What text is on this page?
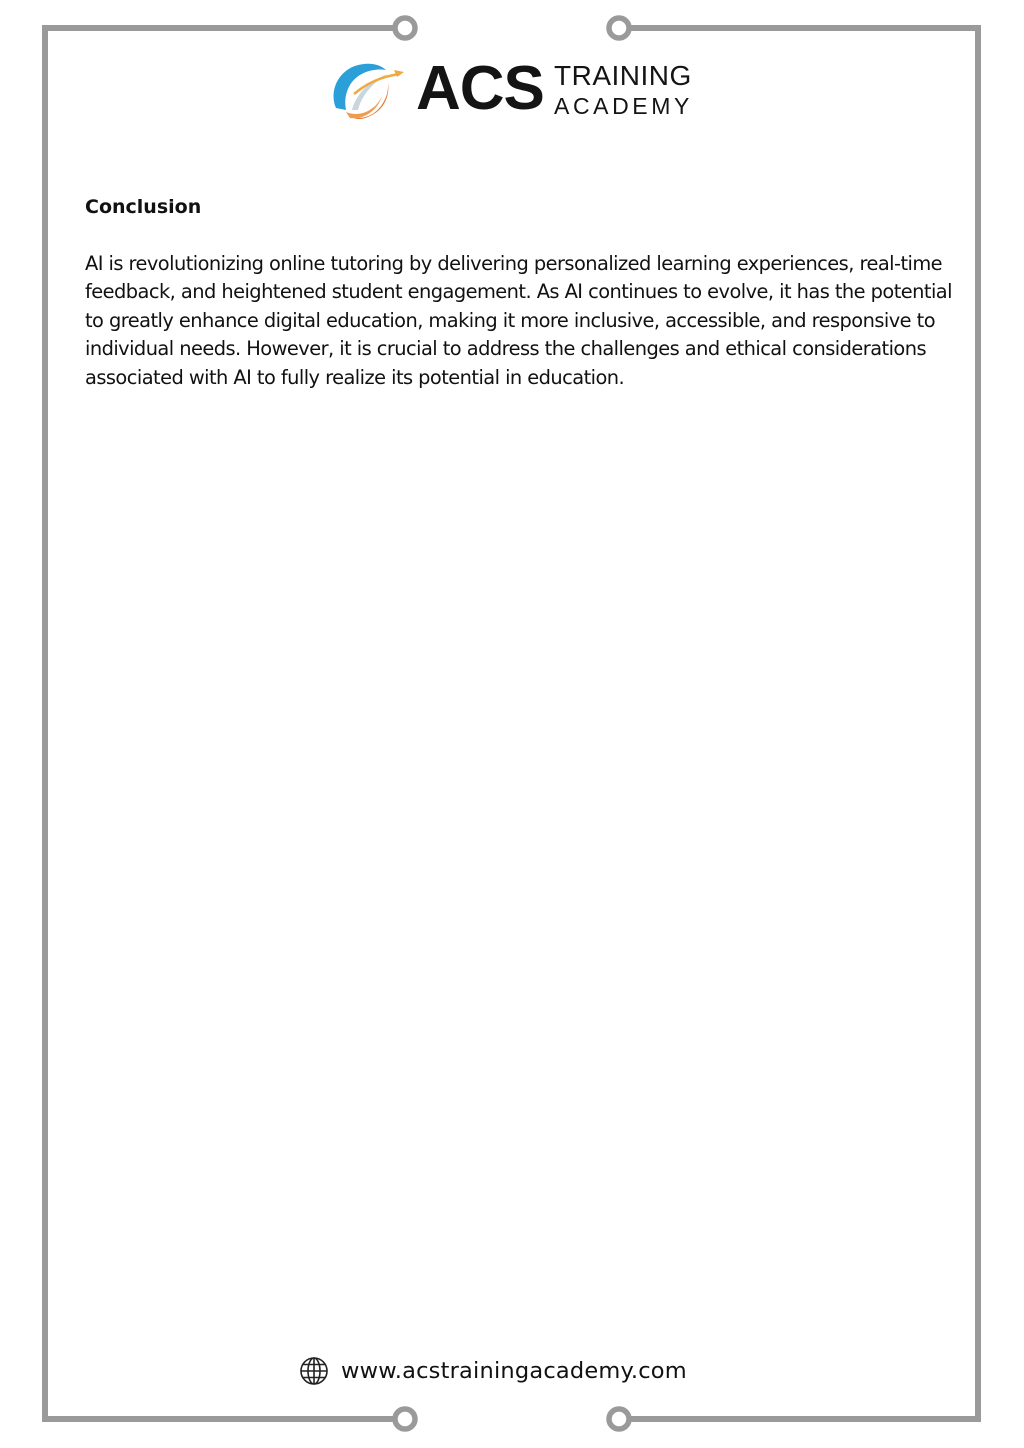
ACS TRAINING
ACADEMY
Conclusion

AI is revolutionizing online tutoring by delivering personalized learning experiences, real-time feedback, and heightened student engagement. As AI continues to evolve, it has the potential to greatly enhance digital education, making it more inclusive, accessible, and responsive to individual needs. However, it is crucial to address the challenges and ethical considerations associated with AI to fully realize its potential in education.

www.acstrainingacademy.com
